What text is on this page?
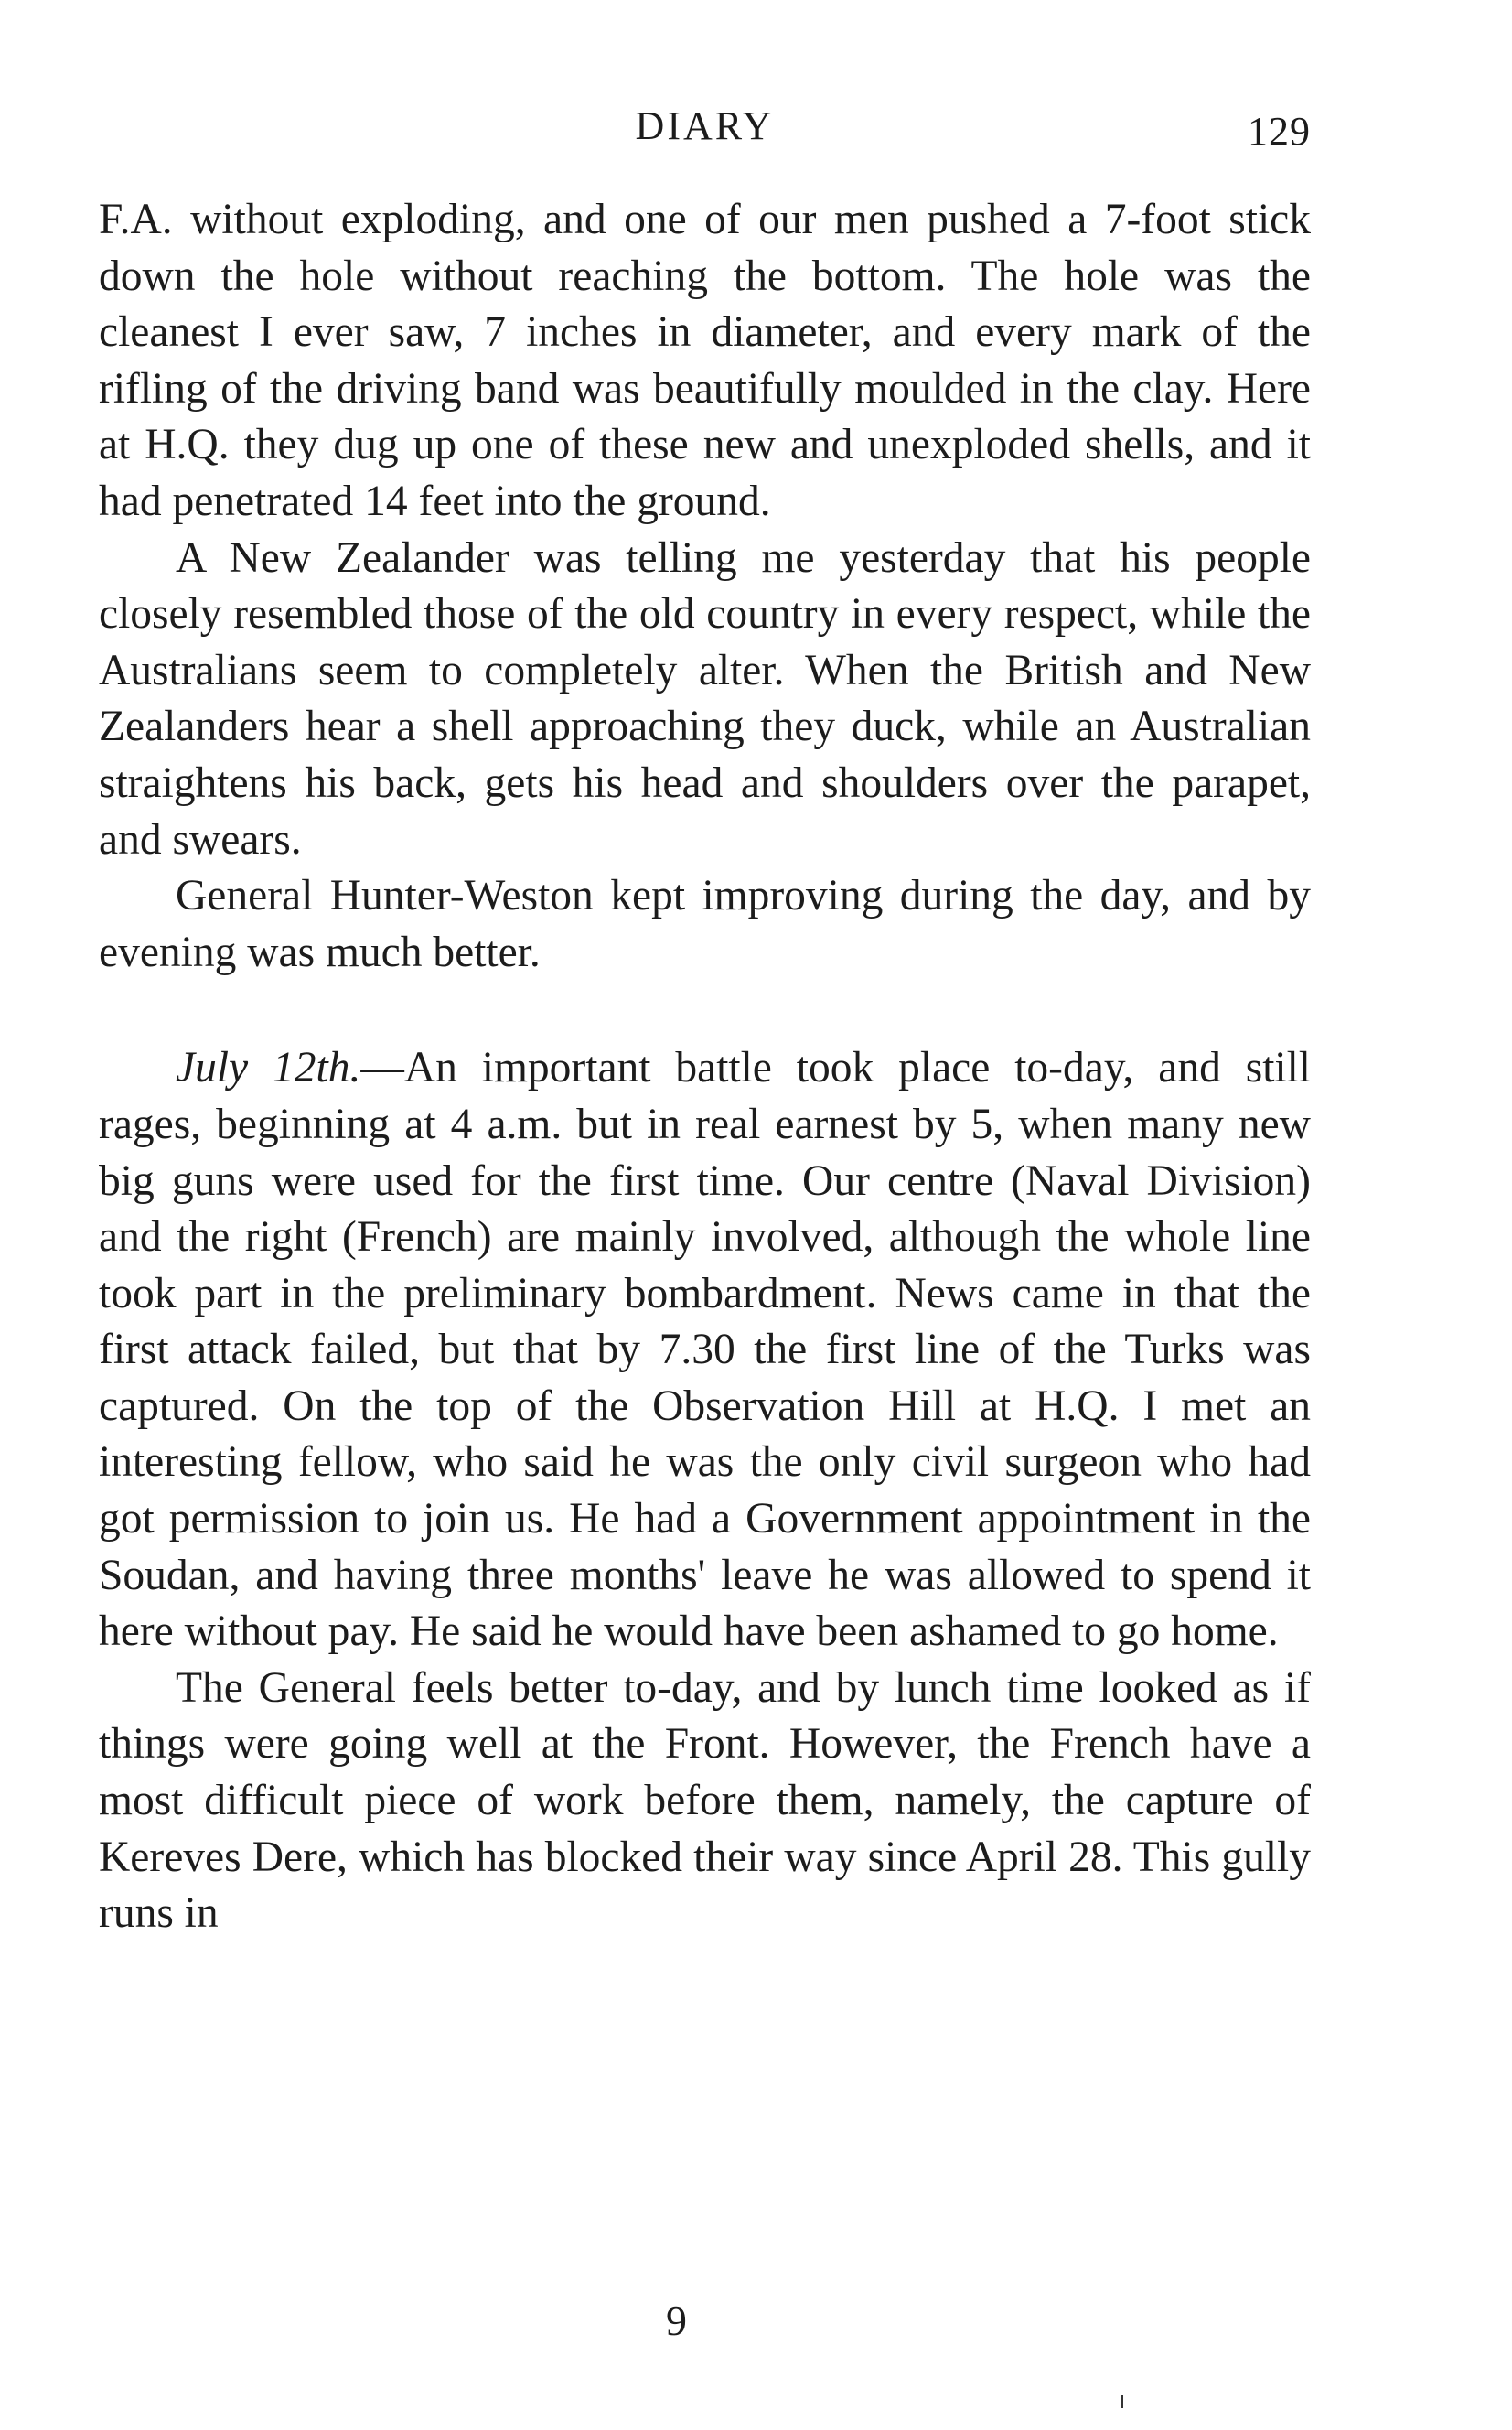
DIARY	129

F.A. without exploding, and one of our men pushed a 7-foot stick down the hole without reaching the bottom. The hole was the cleanest I ever saw, 7 inches in diameter, and every mark of the rifling of the driving band was beautifully moulded in the clay. Here at H.Q. they dug up one of these new and unexploded shells, and it had penetrated 14 feet into the ground.

A New Zealander was telling me yesterday that his people closely resembled those of the old country in every respect, while the Australians seem to completely alter. When the British and New Zealanders hear a shell approaching they duck, while an Australian straightens his back, gets his head and shoulders over the parapet, and swears.

General Hunter-Weston kept improving during the day, and by evening was much better.

July 12th.—An important battle took place to-day, and still rages, beginning at 4 a.m. but in real earnest by 5, when many new big guns were used for the first time. Our centre (Naval Division) and the right (French) are mainly involved, although the whole line took part in the preliminary bombardment. News came in that the first attack failed, but that by 7.30 the first line of the Turks was captured. On the top of the Observation Hill at H.Q. I met an interesting fellow, who said he was the only civil surgeon who had got permission to join us. He had a Government appointment in the Soudan, and having three months' leave he was allowed to spend it here without pay. He said he would have been ashamed to go home.

The General feels better to-day, and by lunch time looked as if things were going well at the Front. However, the French have a most difficult piece of work before them, namely, the capture of Kereves Dere, which has blocked their way since April 28. This gully runs in

9
